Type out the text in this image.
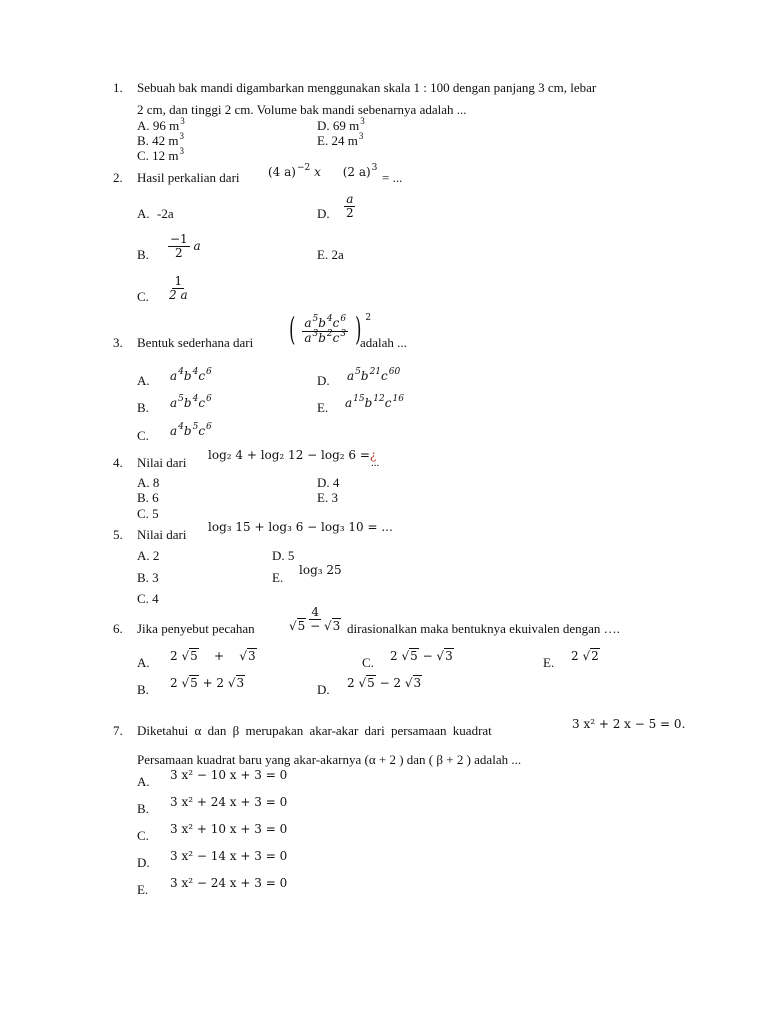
1. Sebuah bak mandi digambarkan menggunakan skala 1 : 100 dengan panjang 3 cm, lebar
2 cm, dan tinggi 2 cm. Volume bak mandi sebenarnya adalah ...
A. 96 $m^3$
B. 42 $m^3$
C. 12 $m^3$
D. 69 $m^3$
E. 24 $m^3$
2. Hasil perkalian dari (4 a)$^{-2}$ x (2 a)$^3$
= ...
A. -2a	D. $\frac{a}{2}$
B. $\frac{-1}{2}$ a
E. 2a
C. $\frac{1}{2 a}$
3. Bentuk sederhana dari ( $\frac{a^5b^4c^6}{a^3b^2c^3}$ ) $^2$
adalah ...
A. $a^4b^4c^6$
D. $a^5b^{21}c^{60}$
B. $a^5b^4c^6$
E. $a^{15}b^{12}c^{16}$
C. $a^4b^5c^6$
4. Nilai dari log₂ 4 + log₂ 12 − log₂ 6 =¿
...
A. 8
B. 6
C. 5
D. 4
E. 3
5. Nilai dari log₃ 15 + log₃ 6 − log₃ 10 = ...
A. 2
B. 3
C. 4
D. 5
E. log₃ 25
6. Jika penyebut pecahan	$\frac{4}{√5 - √3}$ dirasionalkan maka bentuknya ekuivalen dengan ….
A. 2 √5    +    √3	C. 2 √5 − √3	E. 2 √2
B. 2 √5 + 2 √3	D. 2 √5 − 2 √3
7. Diketahui α dan β merupakan akar-akar dari persamaan kuadrat	3 x² + 2 x − 5 = 0.
Persamaan kuadrat baru yang akar-akarnya (α + 2 ) dan ( β + 2 ) adalah ...
A. 3 x² − 10 x + 3 = 0
B. 3 x² + 24 x + 3 = 0
C. 3 x² + 10 x + 3 = 0
D. 3 x² − 14 x + 3 = 0
E. 3 x² − 24 x + 3 = 0
